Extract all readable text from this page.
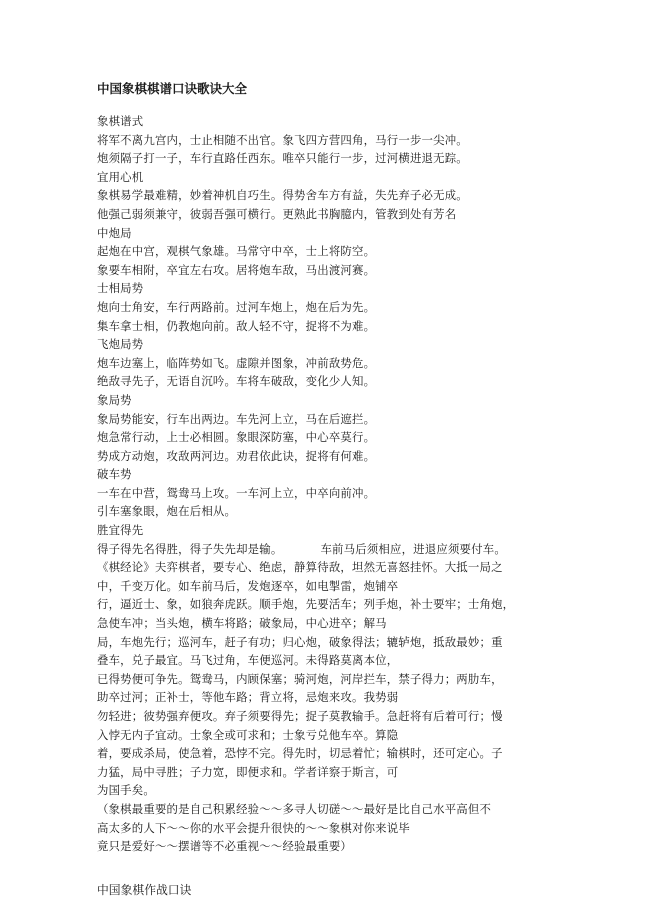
中国象棋棋谱口诀歌诀大全
象棋谱式
将军不离九宫内，士止相随不出官。象飞四方营四角，马行一步一尖冲。
炮须隔子打一子，车行直路任西东。唯卒只能行一步，过河横进退无踪。
宜用心机
象棋易学最难精，妙着神机自巧生。得势舍车方有益，失先弃子必无成。
他强己弱须兼守，彼弱吾强可横行。更熟此书胸臆内，管教到处有芳名
中炮局
起炮在中宫，观棋气象雄。马常守中卒，士上将防空。
象要车相附，卒宜左右攻。居将炮车敌，马出渡河赛。
士相局势
炮向士角安，车行两路前。过河车炮上，炮在后为先。
集车拿士相，仍教炮向前。敌人轻不守，捉将不为难。
飞炮局势
炮车边塞上，临阵势如飞。虚隙并图象，冲前敌势危。
绝敌寻先子，无语自沉吟。车将车破敌，变化少人知。
象局势
象局势能安，行车出两边。车先河上立，马在后遮拦。
炮急常行动，上士必相圆。象眼深防塞，中心卒莫行。
势成方动炮，攻敌两河边。劝君依此诀，捉将有何难。
破车势
一车在中营，鸳鸯马上攻。一车河上立，中卒向前冲。
引车塞象眼，炮在后相从。
胜宜得先
得子得先名得胜，得子失先却是输。	车前马后须相应，进退应须要付车。
《棋经论》夫弈棋者，要专心、绝虑，静算待敌，坦然无喜怒挂怀。大抵一局之
中，千变万化。如车前马后，发炮逐卒，如电掣雷，炮铺卒
行，逼近士、象，如狼奔虎跃。顺手炮，先要活车；列手炮，补士要牢；士角炮，
急使车冲；当头炮，横车将路；破象局，中心进卒；解马
局，车炮先行；巡河车，赶子有功；归心炮，破象得法；辘轳炮，抵敌最妙；重
叠车，兑子最宜。马飞过角，车便巡河。未得路莫离本位，
已得势便可争先。鸳鸯马，内顾保塞；骑河炮，河岸拦车，禁子得力；两肋车，
助卒过河；正补士，等他车路；背立将，忌炮来攻。我势弱
勿轻进；彼势强弃便攻。弃子须要得先；捉子莫教输手。急赶将有后着可行；慢
入悖无内子宜动。士象全或可求和；士象亏兑他车卒。算隐
着，要成杀局，使急着，恐悖不完。得先时，切忌着忙；输棋时，还可定心。子
力猛，局中寻胜；子力宽，即便求和。学者详察于斯言，可
为国手矣。
（象棋最重要的是自己积累经验～～多寻人切磋～～最好是比自己水平高但不
高太多的人下～～你的水平会提升很快的～～象棋对你来说毕
竟只是爱好～～摆谱等不必重视～～经验最重要）
中国象棋作战口诀
